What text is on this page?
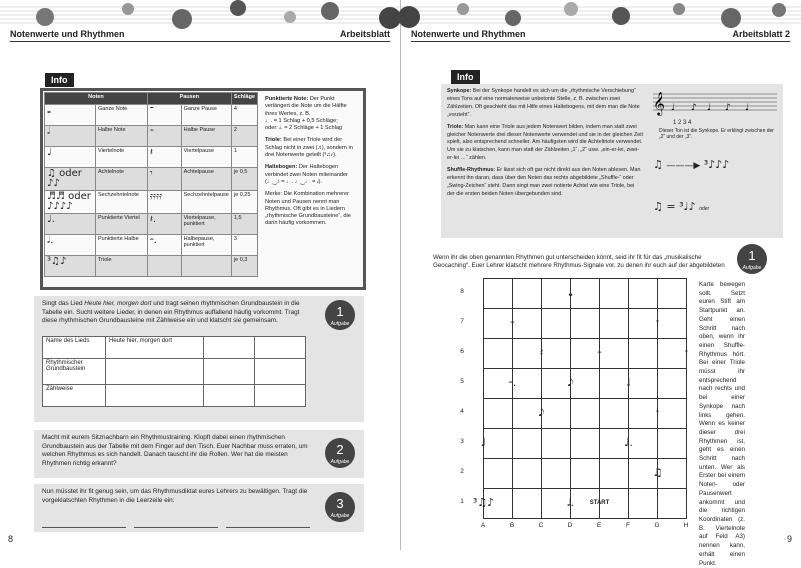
Notenwerte und Rhythmen	Arbeitsblatt
Info
Noten		Pausen		Schläge
𝅝	Ganze Note	𝄻	Ganze Pause	4
𝅗𝅥	Halbe Note	𝄼	Halbe Pause	2
♩	Viertelnote	𝄽	Viertelpause	1
♫ oder ♪♪	Achtelnote	𝄾	Achtelpause	je 0,5
♬♬ oder ♪♪♪♪	Sechzehntelnote	𝄿𝄿𝄿𝄿	Sechzehntelpause	je 0,25
♩.	Punktierte Viertel	𝄽.	Viertelpause, punktiert	1,5
𝅗𝅥.	Punktierte Halbe	𝄼.	Halbepause, punktiert	3
³♫♪	Triole			je 0,3
Punktierte Note: Der Punkt verlängert die Note um die Hälfte ihres Wertes, z. B.
♩. = 1 Schlag + 0,5 Schläge;
oder: 𝅗𝅥. = 2 Schläge + 1 Schlag
Triole: Bei einer Triole wird der Schlag nicht in zwei (♫), sondern in drei Notenwerte geteilt (³♫♪).
Haltebogen: Der Haltebogen verbindet zwei Noten miteinander (♩‿♪ = ♩. ♩‿♩ = 𝅗𝅥).
Merke: Die Kombination mehrerer Noten und Pausen nennt man Rhythmus. Oft gibt es in Liedern „rhythmische Grundbausteine“, die darin häufig vorkommen.
Singt das Lied Heute hier, morgen dort und tragt seinen rhythmischen Grundbaustein in die Tabelle ein. Sucht weitere Lieder, in denen ein Rhythmus auffallend häufig vorkommt. Tragt diese rhythmischen Grundbausteine mit Zählweise ein und klatscht sie gemeinsam.
1
Aufgabe
Name des Lieds	Heute hier, morgen dort		
Rhythmischer Grundbaustein			
Zählweise			
Macht mit eurem Sitznachbarn ein Rhythmustraining. Klopft dabei einen rhythmischen Grundbaustein aus der Tabelle mit dem Finger auf den Tisch. Euer Nachbar muss erraten, um welchen Rhythmus es sich handelt. Danach tauscht ihr die Rollen. Wer hat die meisten Rhythmen richtig erkannt?
2
Aufgabe
Nun müsstet ihr fit genug sein, um das Rhythmusdiktat eures Lehrers zu bewältigen. Tragt die vorgeklatschten Rhythmen in die Leerzeile ein:	3
Aufgabe
8
Notenwerte und Rhythmen	Arbeitsblatt 2
Info
Synkope: Bei der Synkope handelt es sich um die „rhythmische Verschiebung“ eines Tons auf eine normalerweise unbetonte Stelle, z. B. zwischen zwei Zählzeiten. Oft geschieht das mit Hilfe eines Haltebogens, mit dem man die Note „vorzieht“.
Triole: Man kann eine Triole aus jedem Notenwert bilden, indem man statt zwei gleicher Notenwerte drei dieser Notenwerte verwendet und sie in der gleichen Zeit spielt, also entsprechend schneller. Am häufigsten wird die Achteltriole verwendet. Um sie zu klatschen, kann man statt der Zählzeiten „1“, „2“ usw. „ein-er-lei, zwei-er-lei …“ zählen.
Shuffle-Rhythmus: Er lässt sich oft gar nicht direkt aus den Noten ablesen. Man erkennt ihn daran, dass über den Noten das rechts abgebildete „Shuffle-“ oder „Swing-Zeichen“ steht. Dann singt man zwei notierte Achtel wie eine Triole, bei der die ersten beiden Noten übergebunden sind.
𝄞 ♩ ♪ ♩ ♪ ♩
1 2 3 4
Dieser Ton ist die Synkope. Er erklingt zwischen der „2“ und der „3“.
♫ ———▶ ³♪♪♪
♫ = ³♩♪ oder
Wenn ihr die oben genannten Rhythmen gut unterscheiden könnt, seid ihr fit für das „musikalische Geocaching“. Euer Lehrer klatscht mehrere Rhythmus-Signale vor, zu denen ihr euch auf der abgebildeten
Karte bewegen sollt. Setzt euren Stift am Startpunkt an. Geht einen Schritt nach oben, wenn ihr einen Shuffle-Rhythmus hört. Bei einer Triole müsst ihr entsprechend nach rechts und bei einer Synkope nach links gehen. Wenn es keiner dieser drei Rhythmen ist, geht es einen Schritt nach unten. Wer als Erster bei einem Noten- oder Pausenwert ankommt und die richtigen Koordinaten (z. B. Viertelnote auf Feld A3) nennen kann, erhält einen Punkt.
1
Aufgabe
8
7
6
5
4
3
2
1
A	B	C	D	E	F	G	H
𝅝
𝄼	𝄾
𝄽	𝄼	𝄾
𝄼.	𝅘𝅥𝅮	𝅗𝅥
𝅘𝅥𝅮	𝄾
♩	♩.
♫
𝅗𝅥.
³♫♪	START
9
